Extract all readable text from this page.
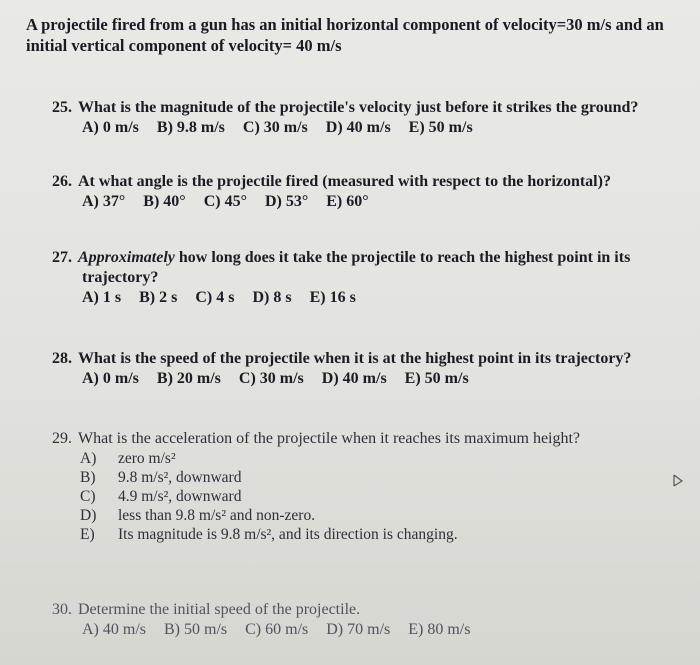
A projectile fired from a gun has an initial horizontal component of velocity=30 m/s and an initial vertical component of velocity= 40 m/s
25. What is the magnitude of the projectile's velocity just before it strikes the ground?
A) 0 m/s B) 9.8 m/s C) 30 m/s D) 40 m/s E) 50 m/s
26. At what angle is the projectile fired (measured with respect to the horizontal)?
A) 37° B) 40° C) 45° D) 53° E) 60°
27. Approximately how long does it take the projectile to reach the highest point in its
trajectory?
A) 1 s B) 2 s C) 4 s D) 8 s E) 16 s
28. What is the speed of the projectile when it is at the highest point in its trajectory?
A) 0 m/s B) 20 m/s C) 30 m/s D) 40 m/s E) 50 m/s
29. What is the acceleration of the projectile when it reaches its maximum height?
A) zero m/s²
B) 9.8 m/s², downward
C) 4.9 m/s², downward
D) less than 9.8 m/s² and non-zero.
E) Its magnitude is 9.8 m/s², and its direction is changing.
30. Determine the initial speed of the projectile.
A) 40 m/s B) 50 m/s C) 60 m/s D) 70 m/s E) 80 m/s
